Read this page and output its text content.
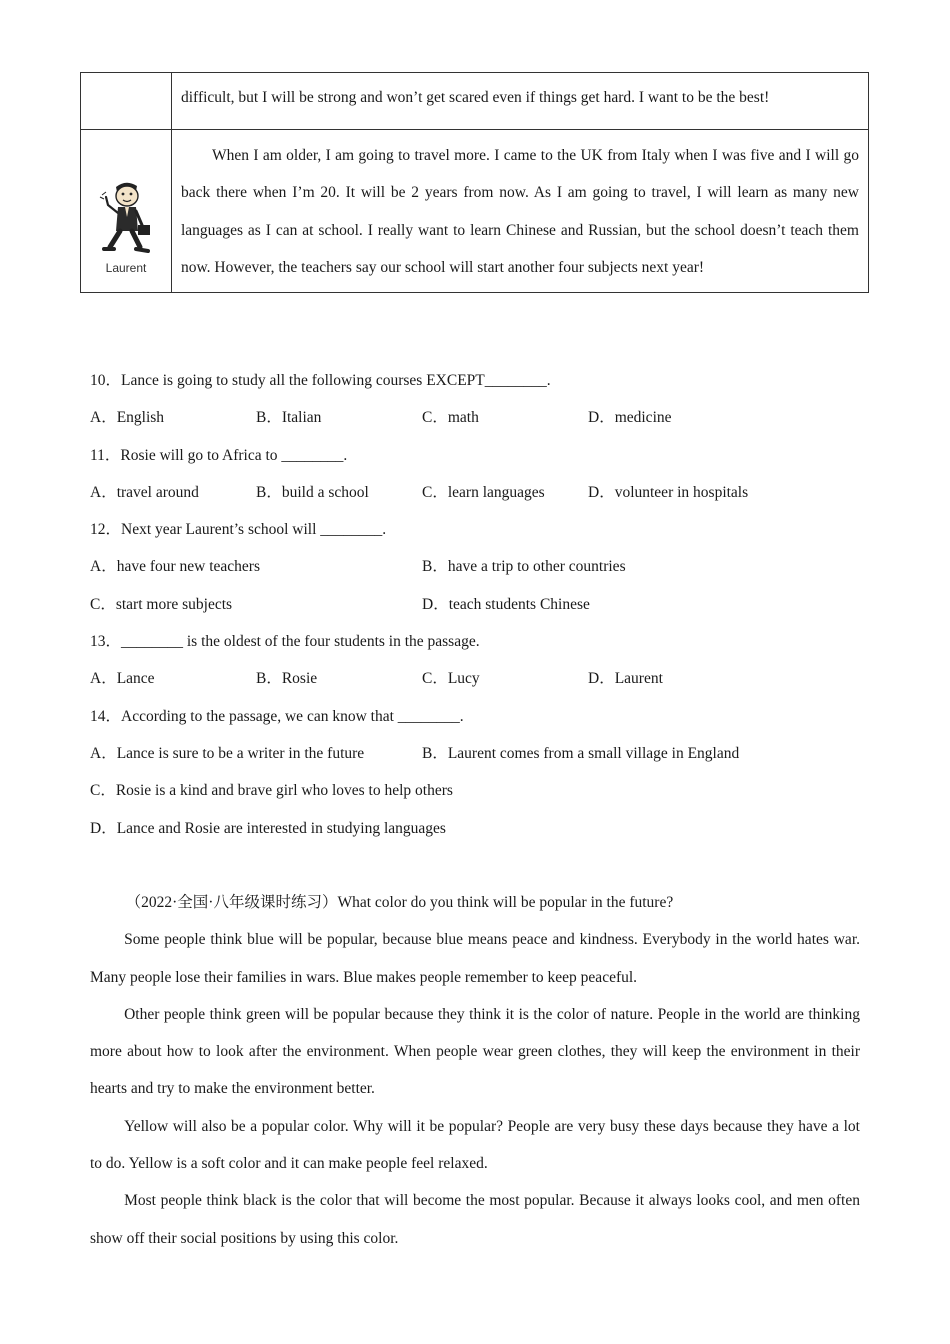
	difficult, but I will be strong and won’t get scared even if things get hard. I want to be the best!

Laurent	When I am older, I am going to travel more. I came to the UK from Italy when I was five and I will go back there when I’m 20. It will be 2 years from now. As I am going to travel, I will learn as many new languages as I can at school. I really want to learn Chinese and Russian, but the school doesn’t teach them now. However, the teachers say our school will start another four subjects next year!
10．Lance is going to study all the following courses EXCEPT________.
A．English	B．Italian	C．math	D．medicine
11．Rosie will go to Africa to ________.
A．travel around	B．build a school	C．learn languages	D．volunteer in hospitals
12．Next year Laurent’s school will ________.
A．have four new teachers	B．have a trip to other countries
C．start more subjects	D．teach students Chinese
13．________ is the oldest of the four students in the passage.
A．Lance	B．Rosie	C．Lucy	D．Laurent
14．According to the passage, we can know that ________.
A．Lance is sure to be a writer in the future	B．Laurent comes from a small village in England
C．Rosie is a kind and brave girl who loves to help others
D．Lance and Rosie are interested in studying languages

（2022·全国·八年级课时练习）What color do you think will be popular in the future?

Some people think blue will be popular, because blue means peace and kindness. Everybody in the world hates war. Many people lose their families in wars. Blue makes people remember to keep peaceful.

Other people think green will be popular because they think it is the color of nature. People in the world are thinking more about how to look after the environment. When people wear green clothes, they will keep the environment in their hearts and try to make the environment better.

Yellow will also be a popular color. Why will it be popular? People are very busy these days because they have a lot to do. Yellow is a soft color and it can make people feel relaxed.

Most people think black is the color that will become the most popular. Because it always looks cool, and men often show off their social positions by using this color.
